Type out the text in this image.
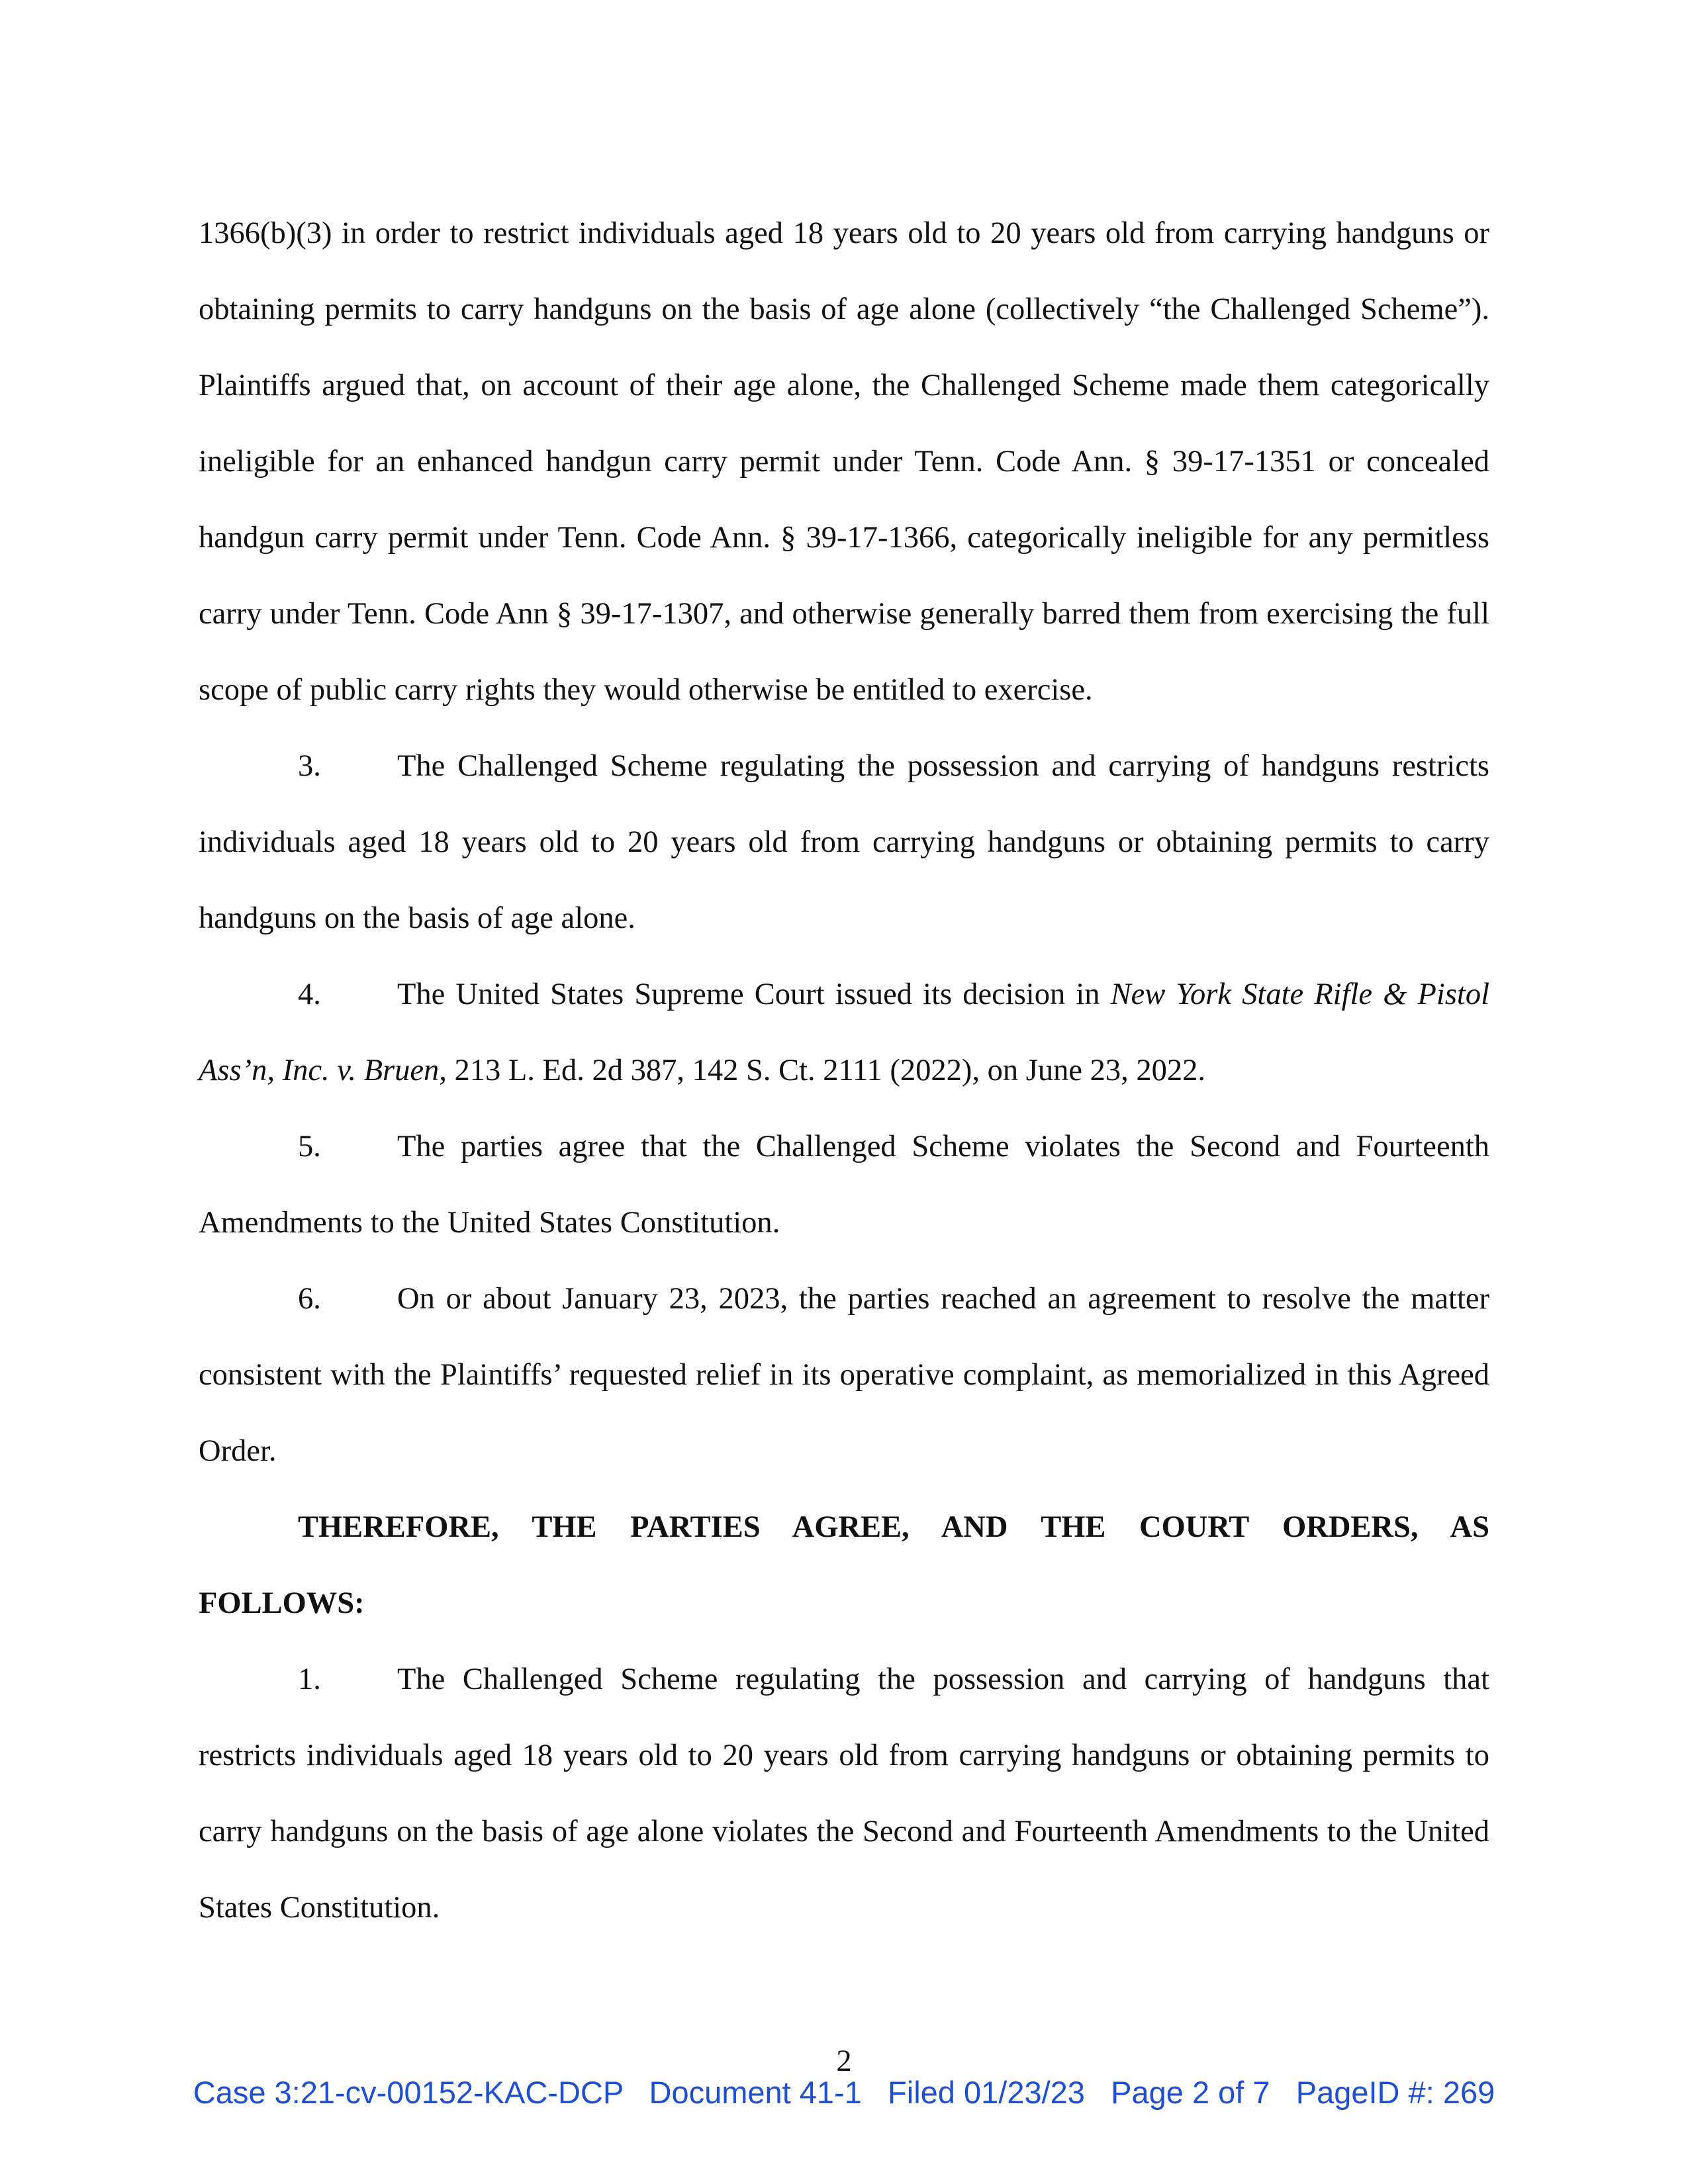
1366(b)(3) in order to restrict individuals aged 18 years old to 20 years old from carrying handguns or obtaining permits to carry handguns on the basis of age alone (collectively “the Challenged Scheme”). Plaintiffs argued that, on account of their age alone, the Challenged Scheme made them categorically ineligible for an enhanced handgun carry permit under Tenn. Code Ann. § 39-17-1351 or concealed handgun carry permit under Tenn. Code Ann. § 39-17-1366, categorically ineligible for any permitless carry under Tenn. Code Ann § 39-17-1307, and otherwise generally barred them from exercising the full scope of public carry rights they would otherwise be entitled to exercise.

3. The Challenged Scheme regulating the possession and carrying of handguns restricts individuals aged 18 years old to 20 years old from carrying handguns or obtaining permits to carry handguns on the basis of age alone.

4. The United States Supreme Court issued its decision in New York State Rifle & Pistol Ass’n, Inc. v. Bruen, 213 L. Ed. 2d 387, 142 S. Ct. 2111 (2022), on June 23, 2022.

5. The parties agree that the Challenged Scheme violates the Second and Fourteenth Amendments to the United States Constitution.

6. On or about January 23, 2023, the parties reached an agreement to resolve the matter consistent with the Plaintiffs’ requested relief in its operative complaint, as memorialized in this Agreed Order.

THEREFORE, THE PARTIES AGREE, AND THE COURT ORDERS, AS

FOLLOWS:

1. The Challenged Scheme regulating the possession and carrying of handguns that restricts individuals aged 18 years old to 20 years old from carrying handguns or obtaining permits to carry handguns on the basis of age alone violates the Second and Fourteenth Amendments to the United States Constitution.

2
Case 3:21-cv-00152-KAC-DCP Document 41-1 Filed 01/23/23 Page 2 of 7 PageID #: 269
